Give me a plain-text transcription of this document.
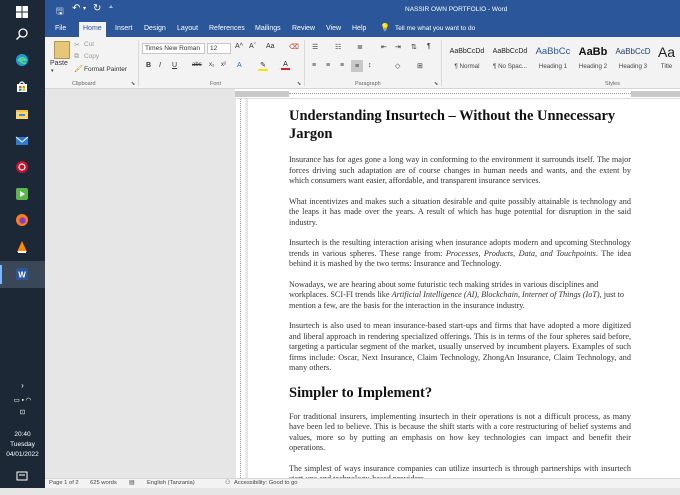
W
›
▭ ▪ ◠
⊡
20:40
Tuesday
04/01/2022
🖫 ↶ ▾ ↻ ⩡	NASSIR OWN PORTFOLIO - Word
File	Home	Insert	Design	Layout	References	Mailings	Review	View	Help	💡 Tell me what you want to do
Paste
▾
✂ Cut
⧉ Copy
🖌 Format Painter
Clipboard	⬊
Times New Roman	12	A^ Aˇ Aa ⌫
B I U abc x₂ x² A	✎	A
Font	⬊
☰ ☷ ≣	⇤ ⇥ ⇅ ¶
≡ ≡ ≡	≡	↕	◇ ⊞
Paragraph	⬊
AaBbCcDd
¶ Normal
AaBbCcDd
¶ No Spac...
AaBbCc
Heading 1
AaBb
Heading 2
AaBbCcD
Heading 3
Aa
Title
Styles
Understanding Insurtech – Without the Unnecessary Jargon

Insurance has for ages gone a long way in conforming to the environment it surrounds itself. The major forces driving such adaptation are of course changes in human needs and wants, and the extent by which consumers want easier, affordable, and transparent insurance services.

What incentivizes and makes such a situation desirable and quite possibly attainable is technology and the leaps it has made over the years. A result of which has huge potential for disruption in the said industry.

Insurtech is the resulting interaction arising when insurance adopts modern and upcoming Stechnology trends in various spheres. These range from: Processes, Products, Data, and Touchpoints. The idea behind it is mashed by the two terms: Insurance and Technology.

Nowadays, we are hearing about some futuristic tech making strides in various disciplines and workplaces. SCI-FI trends like Artificial Intelligence (AI), Blockchain, Internet of Things (IoT), just to mention a few, are the basis for the interaction in the insurance industry.

Insurtech is also used to mean insurance-based start-ups and firms that have adopted a more digitized and liberal approach in rendering specialized offerings. This is in terms of the four spheres said before, targeting a particular segment of the market, usually unserved by incumbent players. Examples of such firms include: Oscar, Next Insurance, Claim Technology, ZhongAn Insurance, Claim Technology, and many others.

Simpler to Implement?

For traditional insurers, implementing insurtech in their operations is not a difficult process, as many have been led to believe. This is because the shift starts with a core restructuring of belief systems and values, more so by putting an emphasis on how key technologies can impact and benefit their operations.

The simplest of ways insurance companies can utilize insurtech is through partnerships with insurtech

Page 1 of 2 625 words ▤ English (Tanzania)	⚇ Accessibility: Good to go
